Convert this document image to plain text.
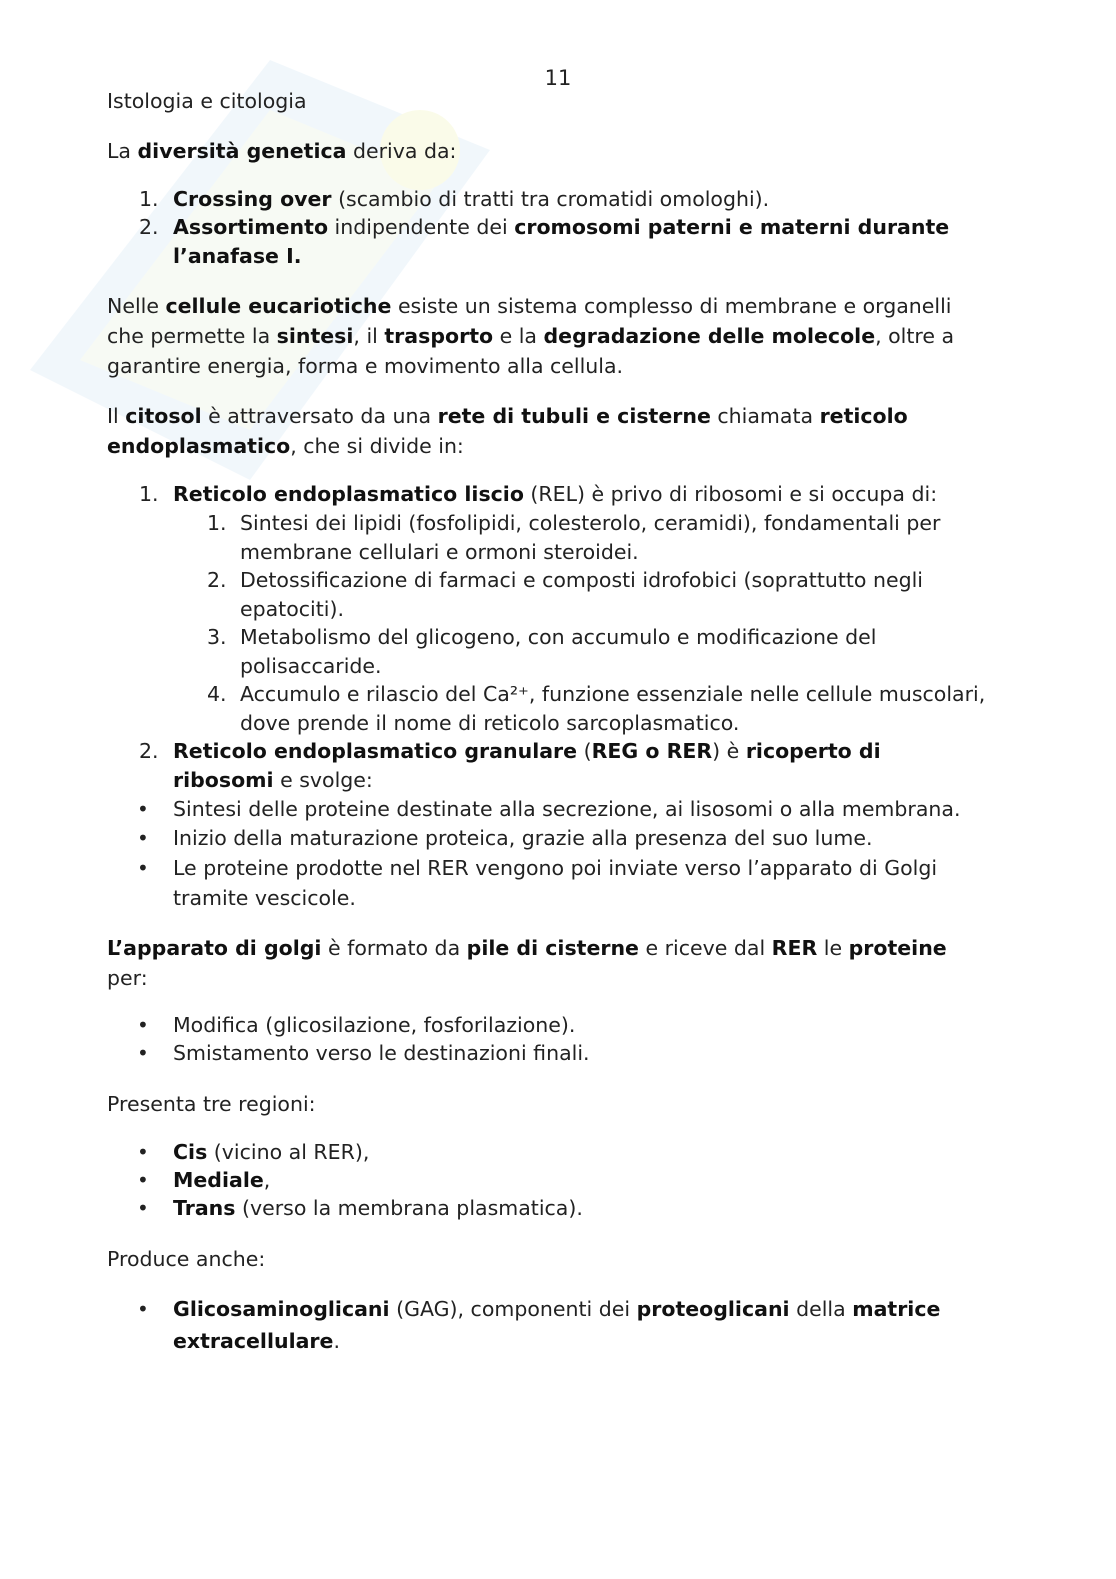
11

Istologia e citologia

La diversità genetica deriva da:

1. Crossing over (scambio di tratti tra cromatidi omologhi).
2. Assortimento indipendente dei cromosomi paterni e materni durante l’anafase I.

Nelle cellule eucariotiche esiste un sistema complesso di membrane e organelli che permette la sintesi, il trasporto e la degradazione delle molecole, oltre a garantire energia, forma e movimento alla cellula.

Il citosol è attraversato da una rete di tubuli e cisterne chiamata reticolo endoplasmatico, che si divide in:

1. Reticolo endoplasmatico liscio (REL) è privo di ribosomi e si occupa di:
1. Sintesi dei lipidi (fosfolipidi, colesterolo, ceramidi), fondamentali per membrane cellulari e ormoni steroidei.
2. Detossificazione di farmaci e composti idrofobici (soprattutto negli epatociti).
3. Metabolismo del glicogeno, con accumulo e modificazione del polisaccaride.
4. Accumulo e rilascio del Ca²⁺, funzione essenziale nelle cellule muscolari, dove prende il nome di reticolo sarcoplasmatico.
2. Reticolo endoplasmatico granulare (REG o RER) è ricoperto di ribosomi e svolge:
• Sintesi delle proteine destinate alla secrezione, ai lisosomi o alla membrana.
• Inizio della maturazione proteica, grazie alla presenza del suo lume.
• Le proteine prodotte nel RER vengono poi inviate verso l’apparato di Golgi tramite vescicole.

L’apparato di golgi è formato da pile di cisterne e riceve dal RER le proteine per:

• Modifica (glicosilazione, fosforilazione).
• Smistamento verso le destinazioni finali.

Presenta tre regioni:

• Cis (vicino al RER),
• Mediale,
• Trans (verso la membrana plasmatica).

Produce anche:

• Glicosaminoglicani (GAG), componenti dei proteoglicani della matrice extracellulare.
